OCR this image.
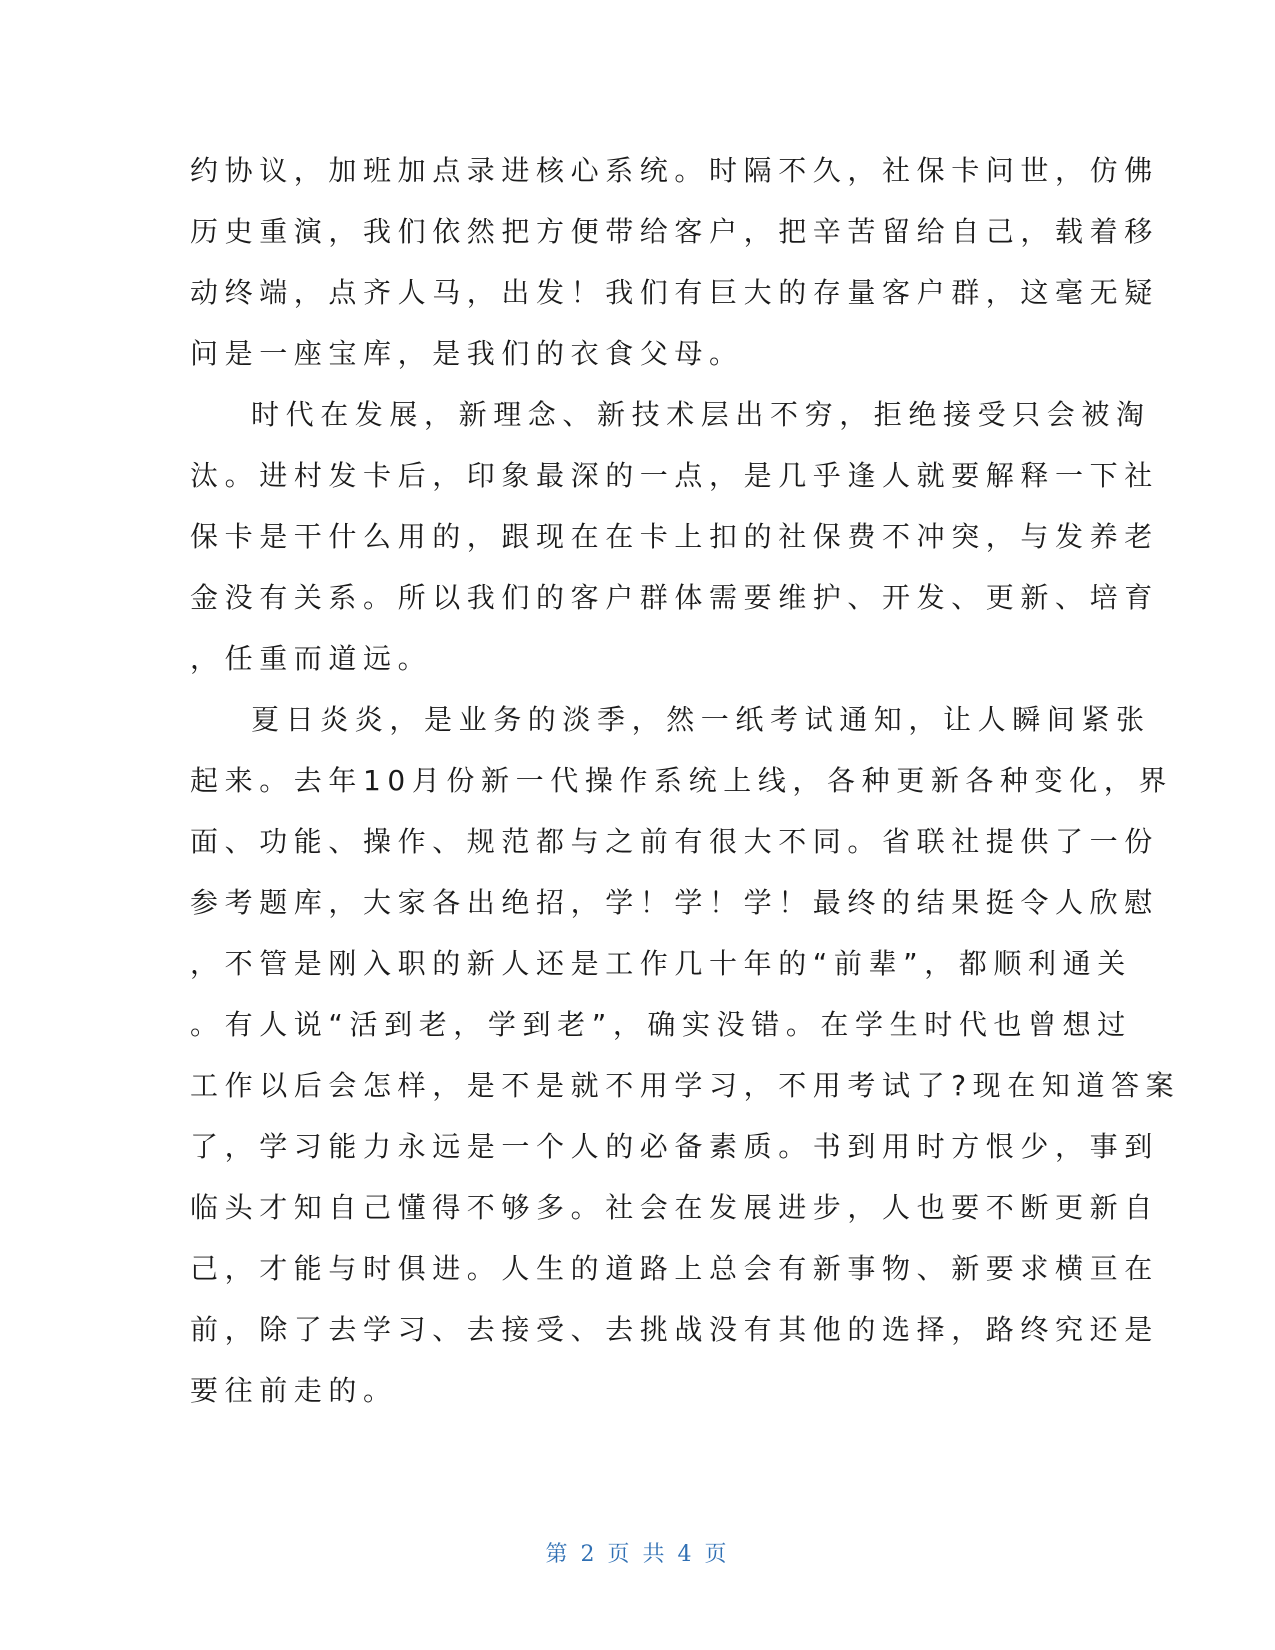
约协议，加班加点录进核心系统。时隔不久，社保卡问世，仿佛
历史重演，我们依然把方便带给客户，把辛苦留给自己，载着移
动终端，点齐人马，出发！我们有巨大的存量客户群，这毫无疑
问是一座宝库，是我们的衣食父母。
时代在发展，新理念、新技术层出不穷，拒绝接受只会被淘
汰。进村发卡后，印象最深的一点，是几乎逢人就要解释一下社
保卡是干什么用的，跟现在在卡上扣的社保费不冲突，与发养老
金没有关系。所以我们的客户群体需要维护、开发、更新、培育
，任重而道远。
夏日炎炎，是业务的淡季，然一纸考试通知，让人瞬间紧张
起来。去年10月份新一代操作系统上线，各种更新各种变化，界
面、功能、操作、规范都与之前有很大不同。省联社提供了一份
参考题库，大家各出绝招，学！学！学！最终的结果挺令人欣慰
，不管是刚入职的新人还是工作几十年的“前辈”，都顺利通关
。有人说“活到老，学到老”，确实没错。在学生时代也曾想过
工作以后会怎样，是不是就不用学习，不用考试了?现在知道答案
了，学习能力永远是一个人的必备素质。书到用时方恨少，事到
临头才知自己懂得不够多。社会在发展进步，人也要不断更新自
己，才能与时俱进。人生的道路上总会有新事物、新要求横亘在
前，除了去学习、去接受、去挑战没有其他的选择，路终究还是
要往前走的。
第 2 页 共 4 页
